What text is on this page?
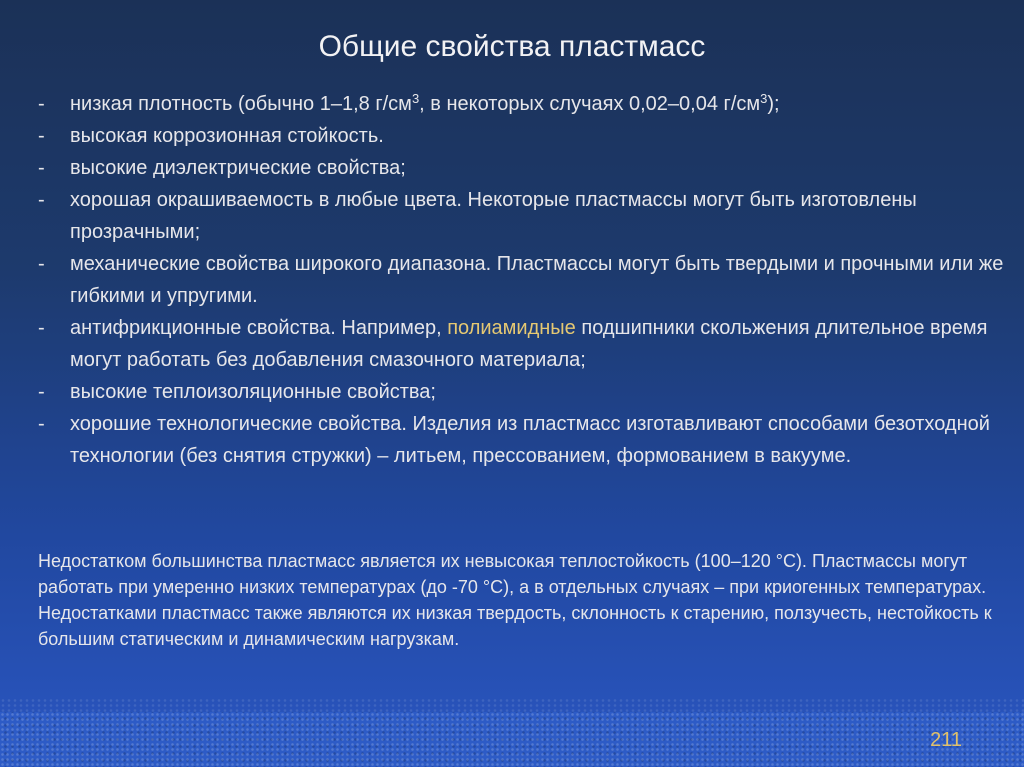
Общие свойства пластмасс
- низкая плотность (обычно 1–1,8 $г/см^3$, в некоторых случаях 0,02–0,04 $г/см^3$);
- высокая коррозионная стойкость.
- высокие диэлектрические свойства;
- хорошая окрашиваемость в любые цвета. Некоторые пластмассы могут быть изготовлены прозрачными;
- механические свойства широкого диапазона. Пластмассы могут быть твердыми и прочными или же гибкими и упругими.
- антифрикционные свойства. Например, полиамидные подшипники скольжения длительное время могут работать без добавления смазочного материала;
- высокие теплоизоляционные свойства;
- хорошие технологические свойства. Изделия из пластмасс изготавливают способами безотходной технологии (без снятия стружки) – литьем, прессованием, формованием в вакууме.
Недостатком большинства пластмасс является их невысокая теплостойкость (100–120 °С). Пластмассы могут работать при умеренно низких температурах (до -70 °С), а в отдельных случаях – при криогенных температурах. Недостатками пластмасс также являются их низкая твердость, склонность к старению, ползучесть, нестойкость к большим статическим и динамическим нагрузкам.
211
